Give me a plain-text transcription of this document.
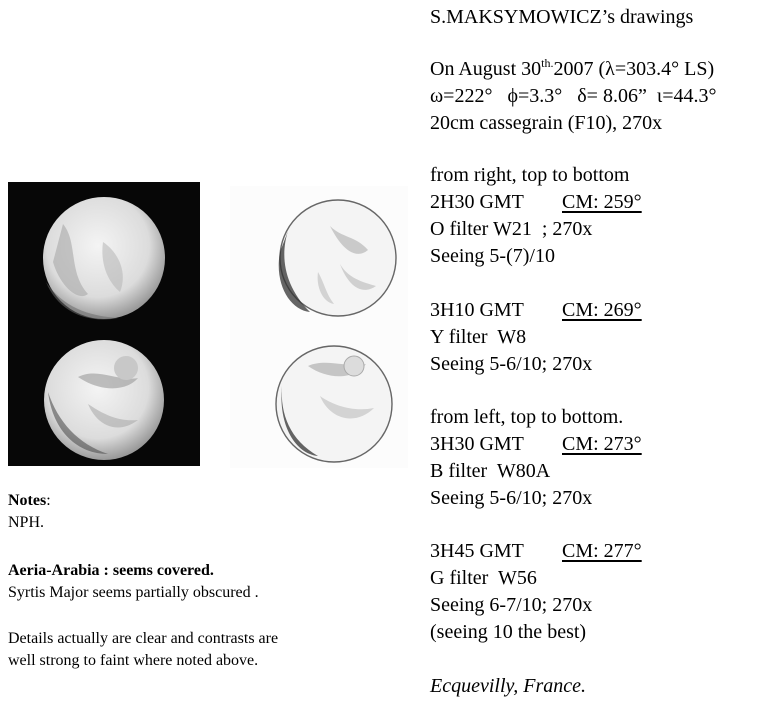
S.MAKSYMOWICZ’s drawings
On August $30^{th.}2007$ (λ=303.4° LS)
ω=222°   ϕ=3.3°   δ= 8.06”  ι=44.3°
20cm cassegrain (F10), 270x
from right, top to bottom
2H30 GMT CM: 259°
O filter W21  ; 270x
Seeing 5-(7)/10
3H10 GMT CM: 269°
Y filter  W8
Seeing 5-6/10; 270x
from left, top to bottom.
3H30 GMT CM: 273°
B filter  W80A
Seeing 5-6/10; 270x
3H45 GMT CM: 277°
G filter  W56
Seeing 6-7/10; 270x
(seeing 10 the best)
Ecquevilly, France.
Notes:
NPH.
Aeria-Arabia : seems covered.
Syrtis Major seems partially obscured .
Details actually are clear and contrasts are
well strong to faint where noted above.
